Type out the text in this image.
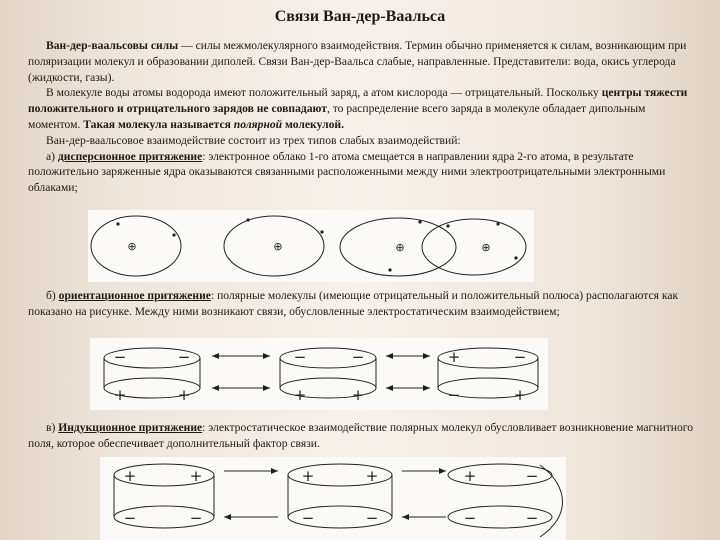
Связи Ван-дер-Ваальса

Ван-дер-ваальсовы силы — силы межмолекулярного взаимодействия. Термин обычно применяется к силам, возникающим при поляризации молекул и образовании диполей. Связи Ван-дер-Ваальса слабые, направленные. Представители: вода, окись углерода (жидкости, газы).

В молекуле воды атомы водорода имеют положительный заряд, а атом кислорода — отрицательный. Поскольку центры тяжести положительного и отрицательного зарядов не совпадают, то распределение всего заряда в молекуле обладает дипольным моментом. Такая молекула называется полярной молекулой.

Ван-дер-ваальсовое взаимодействие состоит из трех типов слабых взаимодействий:

а) дисперсионное притяжение: электронное облако 1-го атома смещается в направлении ядра 2-го атома, в результате положительно заряженные ядра оказываются связанными расположенными между ними электроотрицательными электронными облаками;

⊕	⊕	⊕	⊕

б) ориентационное притяжение: полярные молекулы (имеющие отрицательный и положительный полюса) располагаются как показано на рисунке. Между ними возникают связи, обусловленные электростатическим взаимодействием;

−	−
+	+
−	−
+	+
+	−
−	+

в) Индукционное притяжение: электростатическое взаимодействие полярных молекул обусловливает возникновение магнитного поля, которое обеспечивает дополнительный фактор связи.

+	+
−	−
+	+
−	−
+	−
−	−
